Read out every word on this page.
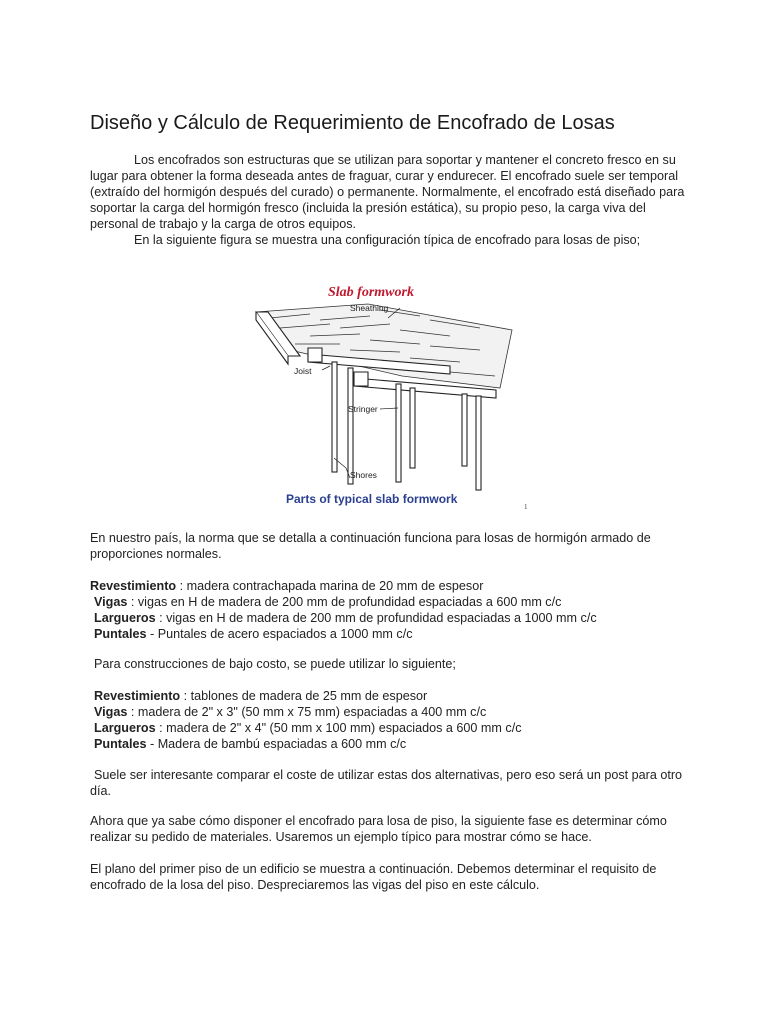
Diseño y Cálculo de Requerimiento de Encofrado de Losas

Los encofrados son estructuras que se utilizan para soportar y mantener el concreto fresco en su lugar para obtener la forma deseada antes de fraguar, curar y endurecer. El encofrado suele ser temporal (extraído del hormigón después del curado) o permanente. Normalmente, el encofrado está diseñado para soportar la carga del hormigón fresco (incluida la presión estática), su propio peso, la carga viva del personal de trabajo y la carga de otros equipos.

En la siguiente figura se muestra una configuración típica de encofrado para losas de piso;

Slab formwork
Sheathing
Joist
Stringer
Shores
Parts of typical slab formwork
1

En nuestro país, la norma que se detalla a continuación funciona para losas de hormigón armado de proporciones normales.

Revestimiento : madera contrachapada marina de 20 mm de espesor
Vigas : vigas en H de madera de 200 mm de profundidad espaciadas a 600 mm c/c
Largueros : vigas en H de madera de 200 mm de profundidad espaciadas a 1000 mm c/c
Puntales - Puntales de acero espaciados a 1000 mm c/c

Para construcciones de bajo costo, se puede utilizar lo siguiente;

Revestimiento : tablones de madera de 25 mm de espesor
Vigas : madera de 2" x 3" (50 mm x 75 mm) espaciadas a 400 mm c/c
Largueros : madera de 2" x 4" (50 mm x 100 mm) espaciados a 600 mm c/c
Puntales - Madera de bambú espaciadas a 600 mm c/c

Suele ser interesante comparar el coste de utilizar estas dos alternativas, pero eso será un post para otro día.

Ahora que ya sabe cómo disponer el encofrado para losa de piso, la siguiente fase es determinar cómo realizar su pedido de materiales. Usaremos un ejemplo típico para mostrar cómo se hace.

El plano del primer piso de un edificio se muestra a continuación. Debemos determinar el requisito de encofrado de la losa del piso. Despreciaremos las vigas del piso en este cálculo.
